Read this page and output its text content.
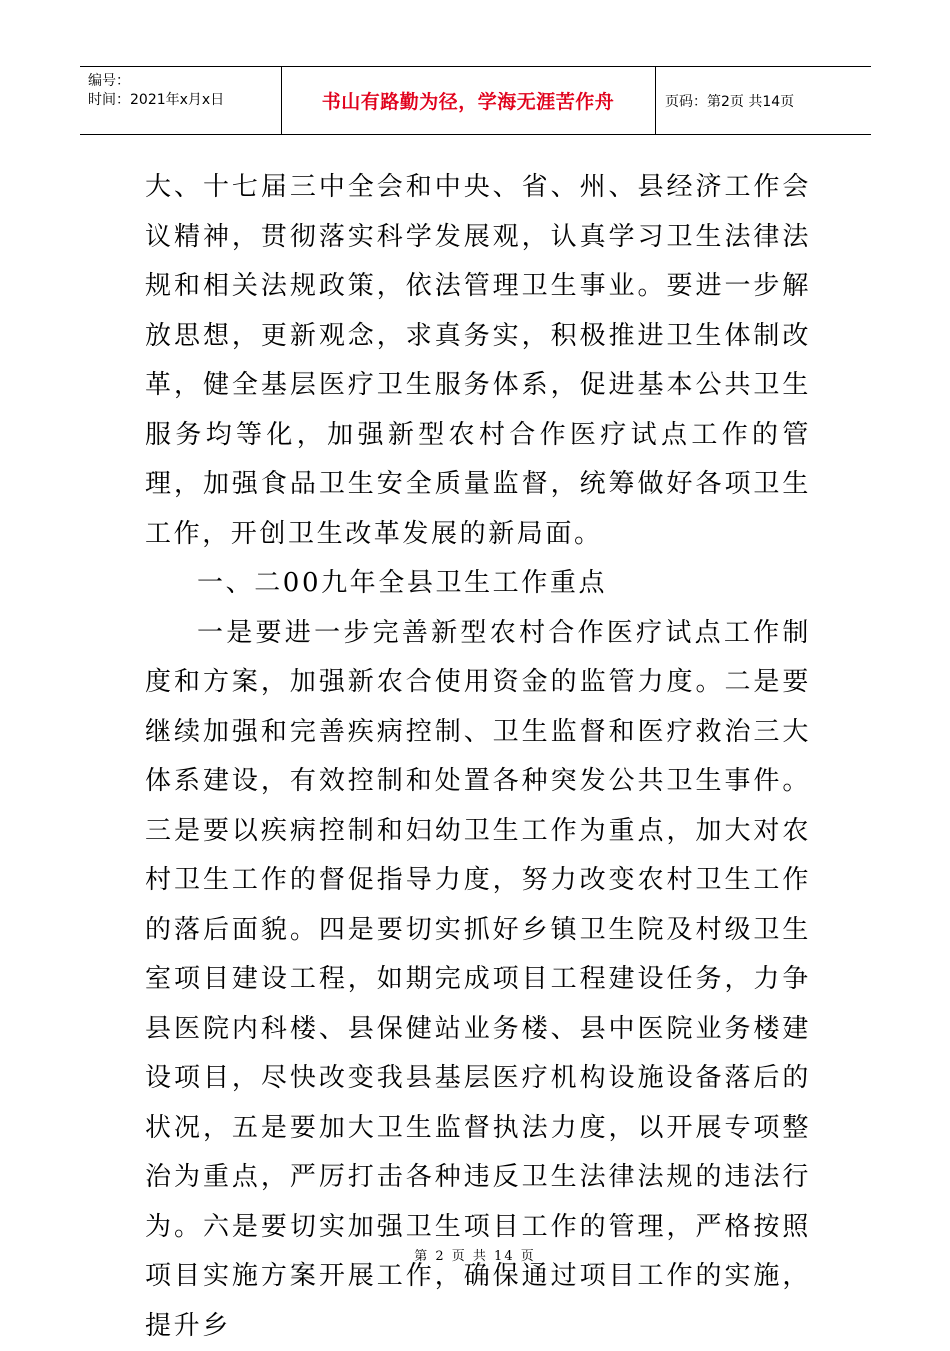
编号：
时间：2021年x月x日	书山有路勤为径，学海无涯苦作舟	页码：第2页 共14页

大、十七届三中全会和中央、省、州、县经济工作会议精神，贯彻落实科学发展观，认真学习卫生法律法规和相关法规政策，依法管理卫生事业。要进一步解放思想，更新观念，求真务实，积极推进卫生体制改革，健全基层医疗卫生服务体系，促进基本公共卫生服务均等化，加强新型农村合作医疗试点工作的管理，加强食品卫生安全质量监督，统筹做好各项卫生工作，开创卫生改革发展的新局面。

一、二00九年全县卫生工作重点

一是要进一步完善新型农村合作医疗试点工作制度和方案，加强新农合使用资金的监管力度。二是要继续加强和完善疾病控制、卫生监督和医疗救治三大体系建设，有效控制和处置各种突发公共卫生事件。三是要以疾病控制和妇幼卫生工作为重点，加大对农村卫生工作的督促指导力度，努力改变农村卫生工作的落后面貌。四是要切实抓好乡镇卫生院及村级卫生室项目建设工程，如期完成项目工程建设任务，力争县医院内科楼、县保健站业务楼、县中医院业务楼建设项目，尽快改变我县基层医疗机构设施设备落后的状况，五是要加大卫生监督执法力度，以开展专项整治为重点，严厉打击各种违反卫生法律法规的违法行为。六是要切实加强卫生项目工作的管理，严格按照项目实施方案开展工作，确保通过项目工作的实施，提升乡

第 2 页 共 14 页
